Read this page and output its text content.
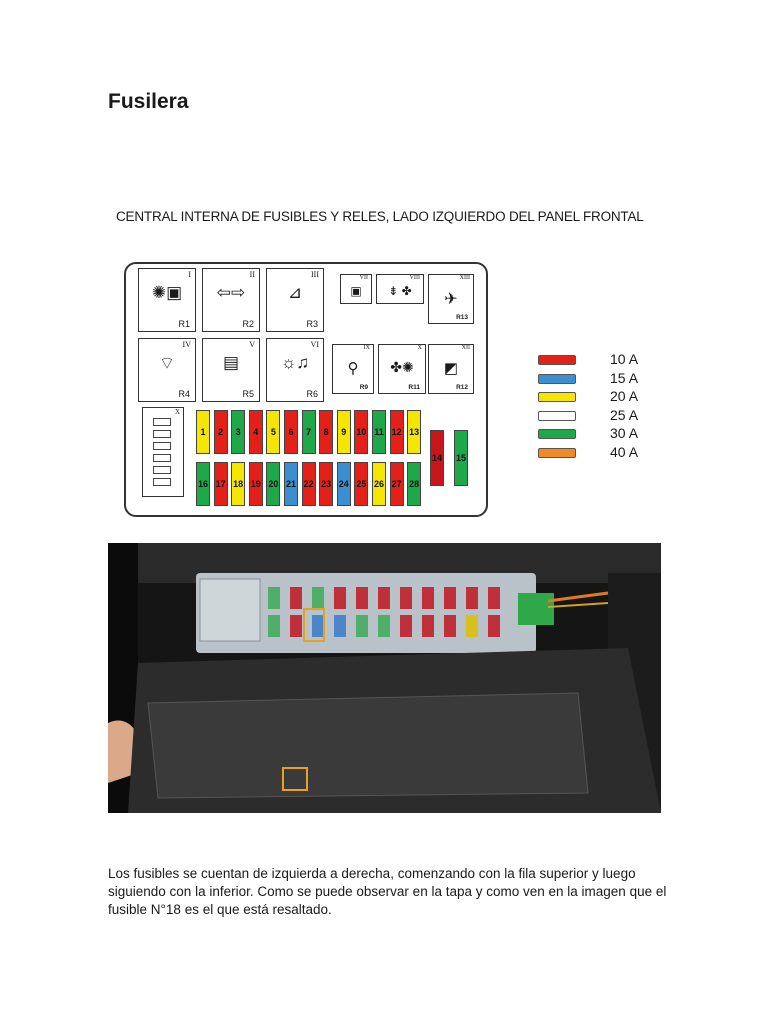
Fusilera
CENTRAL INTERNA DE FUSIBLES Y RELES, LADO IZQUIERDO DEL PANEL FRONTAL
I
✺▣
R1
II
⇦⇨
R2
III
⊿
R3
IV
⌔
R4
V
▤
R5
VI
☼♫
R6
VII
▣
VIII
⇟ ✤
XIII
✈
R13
IX
⚲
R9
X
✤✺
R11
XII
◩
R12
X
1	2	3	4	5	6	7	8	9	10 11 12 13
16 17 18 19 20 21 22 23 24 25 26 27 28
14 15
10 A
15 A
20 A
25 A
30 A
40 A
Los fusibles se cuentan de izquierda a derecha, comenzando con la fila superior y luego siguiendo con la inferior. Como se puede observar en la tapa y como ven en la imagen que el fusible N°18 es el que está resaltado.
